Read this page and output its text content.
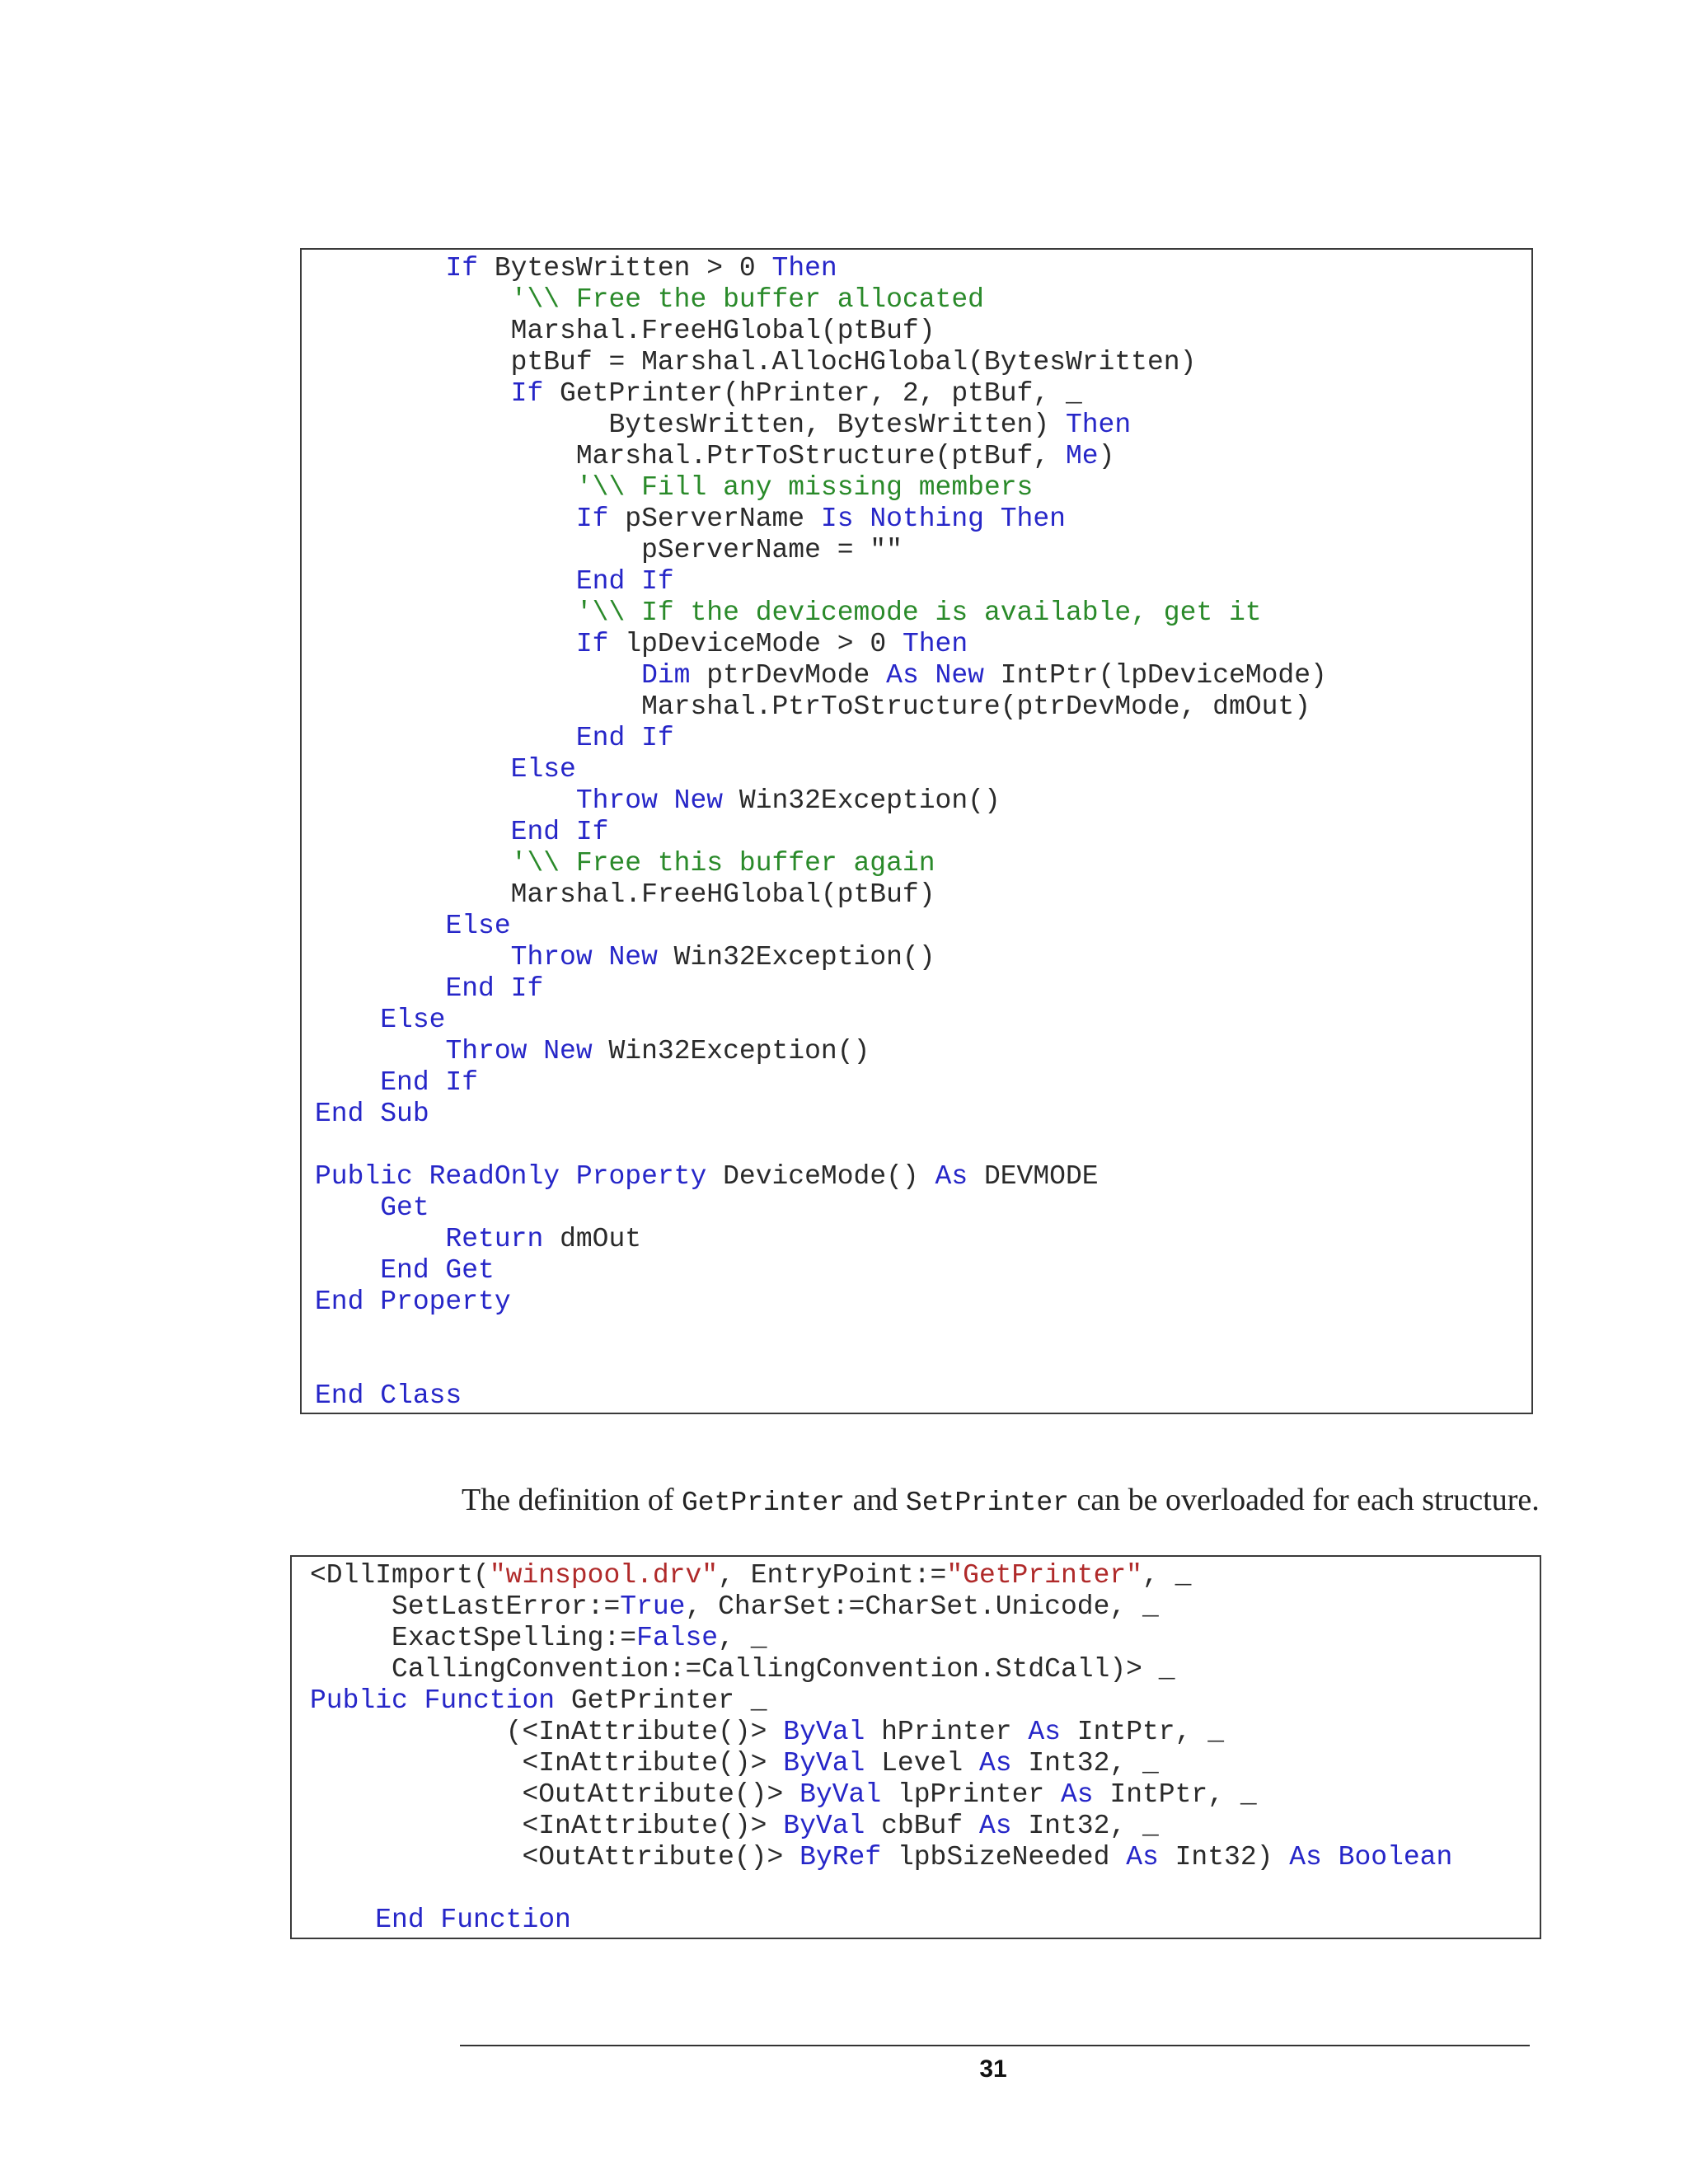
If BytesWritten > 0 Then
'\\ Free the buffer allocated
Marshal.FreeHGlobal(ptBuf)
ptBuf = Marshal.AllocHGlobal(BytesWritten)
If GetPrinter(hPrinter, 2, ptBuf, _
BytesWritten, BytesWritten) Then
Marshal.PtrToStructure(ptBuf, Me)
'\\ Fill any missing members
If pServerName Is Nothing Then
pServerName = ""
End If
'\\ If the devicemode is available, get it
If lpDeviceMode > 0 Then
Dim ptrDevMode As New IntPtr(lpDeviceMode)
Marshal.PtrToStructure(ptrDevMode, dmOut)
End If
Else
Throw New Win32Exception()
End If
'\\ Free this buffer again
Marshal.FreeHGlobal(ptBuf)
Else
Throw New Win32Exception()
End If
Else
Throw New Win32Exception()
End If
End Sub
Public ReadOnly Property DeviceMode() As DEVMODE
Get
Return dmOut
End Get
End Property
End Class
The definition of GetPrinter and SetPrinter can be overloaded for each structure.
<DllImport("winspool.drv", EntryPoint:="GetPrinter", _
SetLastError:=True, CharSet:=CharSet.Unicode, _
ExactSpelling:=False, _
CallingConvention:=CallingConvention.StdCall)> _
Public Function GetPrinter _
(<InAttribute()> ByVal hPrinter As IntPtr, _
<InAttribute()> ByVal Level As Int32, _
<OutAttribute()> ByVal lpPrinter As IntPtr, _
<InAttribute()> ByVal cbBuf As Int32, _
<OutAttribute()> ByRef lpbSizeNeeded As Int32) As Boolean
End Function
31
